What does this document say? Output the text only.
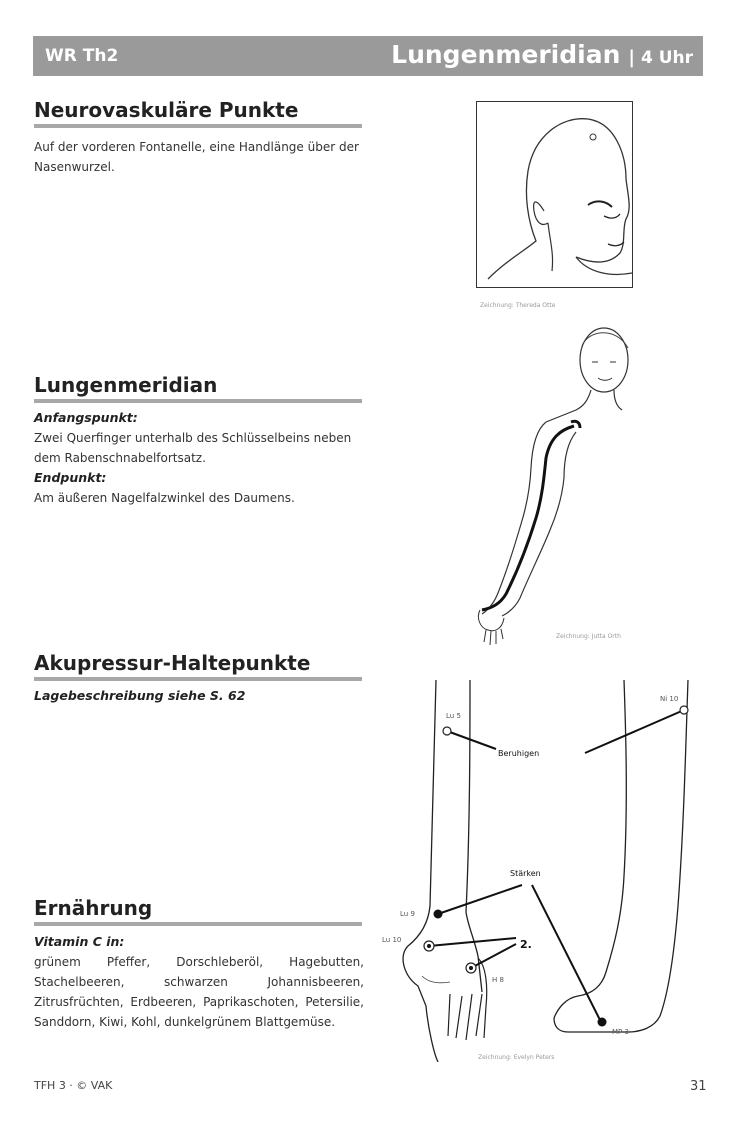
WR Th2	Lungenmeridian | 4 Uhr
Neurovaskuläre Punkte

Auf der vorderen Fontanelle, eine Handlänge über der Nasenwurzel.

Zeichnung: Thereda Otte
Lungenmeridian
Anfangspunkt:

Zwei Querfinger unterhalb des Schlüsselbeins neben dem Rabenschnabelfortsatz.

Endpunkt:

Am äußeren Nagelfalzwinkel des Daumens.

Zeichnung: Jutta Orth
Akupressur-Haltepunkte
Lagebeschreibung siehe S. 62
Lu 5
Ni 10
Beruhigen
Stärken
Lu 9
Lu 10	2.
H 8
MP 3
Zeichnung: Evelyn Peters
Ernährung
Vitamin C in:

grünem Pfeffer, Dorschleberöl, Hagebutten, Stachelbeeren, schwarzen Johannisbeeren, Zitrusfrüchten, Erdbeeren, Paprikaschoten, Petersilie, Sanddorn, Kiwi, Kohl, dunkelgrünem Blattgemüse.

TFH 3 · © VAK	31
